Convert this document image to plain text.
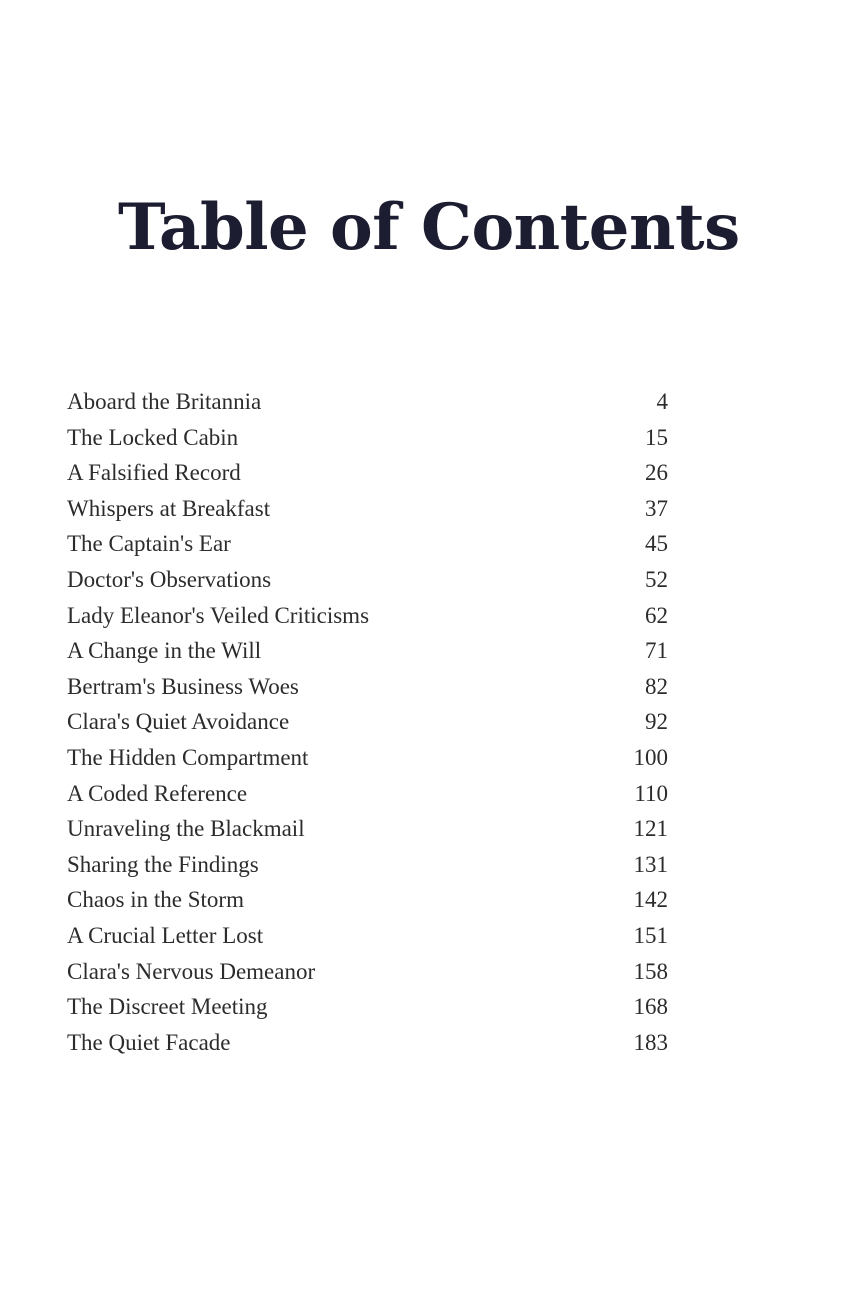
Table of Contents
Aboard the Britannia	4
The Locked Cabin	15
A Falsified Record	26
Whispers at Breakfast	37
The Captain's Ear	45
Doctor's Observations	52
Lady Eleanor's Veiled Criticisms	62
A Change in the Will	71
Bertram's Business Woes	82
Clara's Quiet Avoidance	92
The Hidden Compartment	100
A Coded Reference	110
Unraveling the Blackmail	121
Sharing the Findings	131
Chaos in the Storm	142
A Crucial Letter Lost	151
Clara's Nervous Demeanor	158
The Discreet Meeting	168
The Quiet Facade	183
